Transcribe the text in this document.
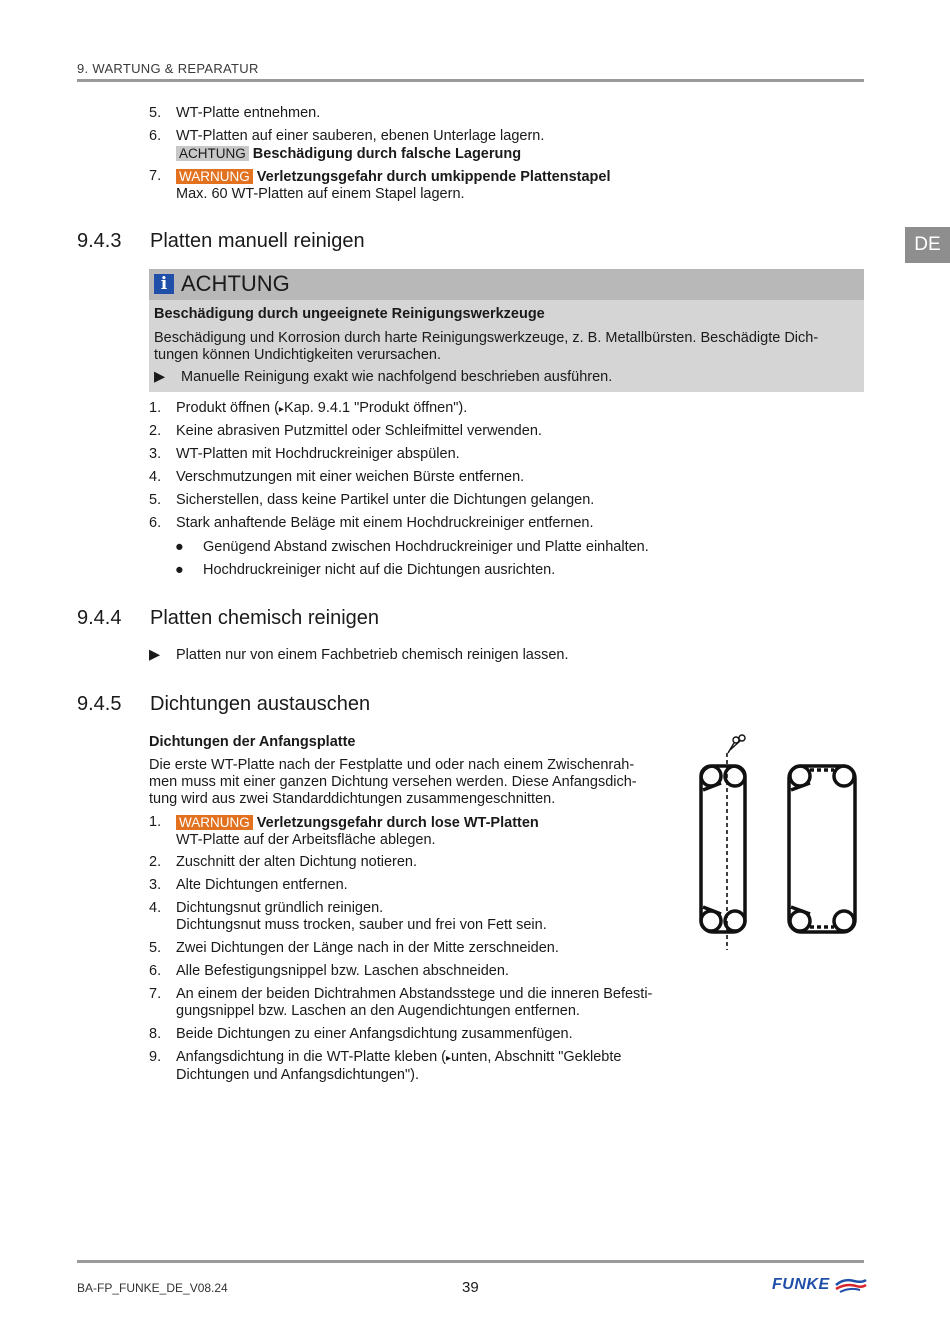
9. WARTUNG & REPARATUR
DE
5. WT-Platte entnehmen.
6. WT-Platten auf einer sauberen, ebenen Unterlage lagern.
ACHTUNG Beschädigung durch falsche Lagerung
7. WARNUNG Verletzungsgefahr durch umkippende Plattenstapel
Max. 60 WT-Platten auf einem Stapel lagern.
9.4.3 Platten manuell reinigen
i ACHTUNG
Beschädigung durch ungeeignete Reinigungswerkzeuge
Beschädigung und Korrosion durch harte Reinigungswerkzeuge, z. B. Metallbürsten. Beschädigte Dich-
tungen können Undichtigkeiten verursachen.
▶ Manuelle Reinigung exakt wie nachfolgend beschrieben ausführen.
1. Produkt öffnen (▸Kap. 9.4.1 "Produkt öffnen").
2. Keine abrasiven Putzmittel oder Schleifmittel verwenden.
3. WT-Platten mit Hochdruckreiniger abspülen.
4. Verschmutzungen mit einer weichen Bürste entfernen.
5. Sicherstellen, dass keine Partikel unter die Dichtungen gelangen.
6. Stark anhaftende Beläge mit einem Hochdruckreiniger entfernen.
● Genügend Abstand zwischen Hochdruckreiniger und Platte einhalten.
● Hochdruckreiniger nicht auf die Dichtungen ausrichten.
9.4.4 Platten chemisch reinigen
▶ Platten nur von einem Fachbetrieb chemisch reinigen lassen.
9.4.5 Dichtungen austauschen
Dichtungen der Anfangsplatte
Die erste WT-Platte nach der Festplatte und oder nach einem Zwischenrah-
men muss mit einer ganzen Dichtung versehen werden. Diese Anfangsdich-
tung wird aus zwei Standarddichtungen zusammengeschnitten.
1. WARNUNG Verletzungsgefahr durch lose WT-Platten
WT-Platte auf der Arbeitsfläche ablegen.
2. Zuschnitt der alten Dichtung notieren.
3. Alte Dichtungen entfernen.
4. Dichtungsnut gründlich reinigen.
Dichtungsnut muss trocken, sauber und frei von Fett sein.
5. Zwei Dichtungen der Länge nach in der Mitte zerschneiden.
6. Alle Befestigungsnippel bzw. Laschen abschneiden.
7. An einem der beiden Dichtrahmen Abstandsstege und die inneren Befesti-
gungsnippel bzw. Laschen an den Augendichtungen entfernen.
8. Beide Dichtungen zu einer Anfangsdichtung zusammenfügen.
9. Anfangsdichtung in die WT-Platte kleben (▸unten, Abschnitt "Geklebte
Dichtungen und Anfangsdichtungen").
BA-FP_FUNKE_DE_V08.24	39	FUNKE
